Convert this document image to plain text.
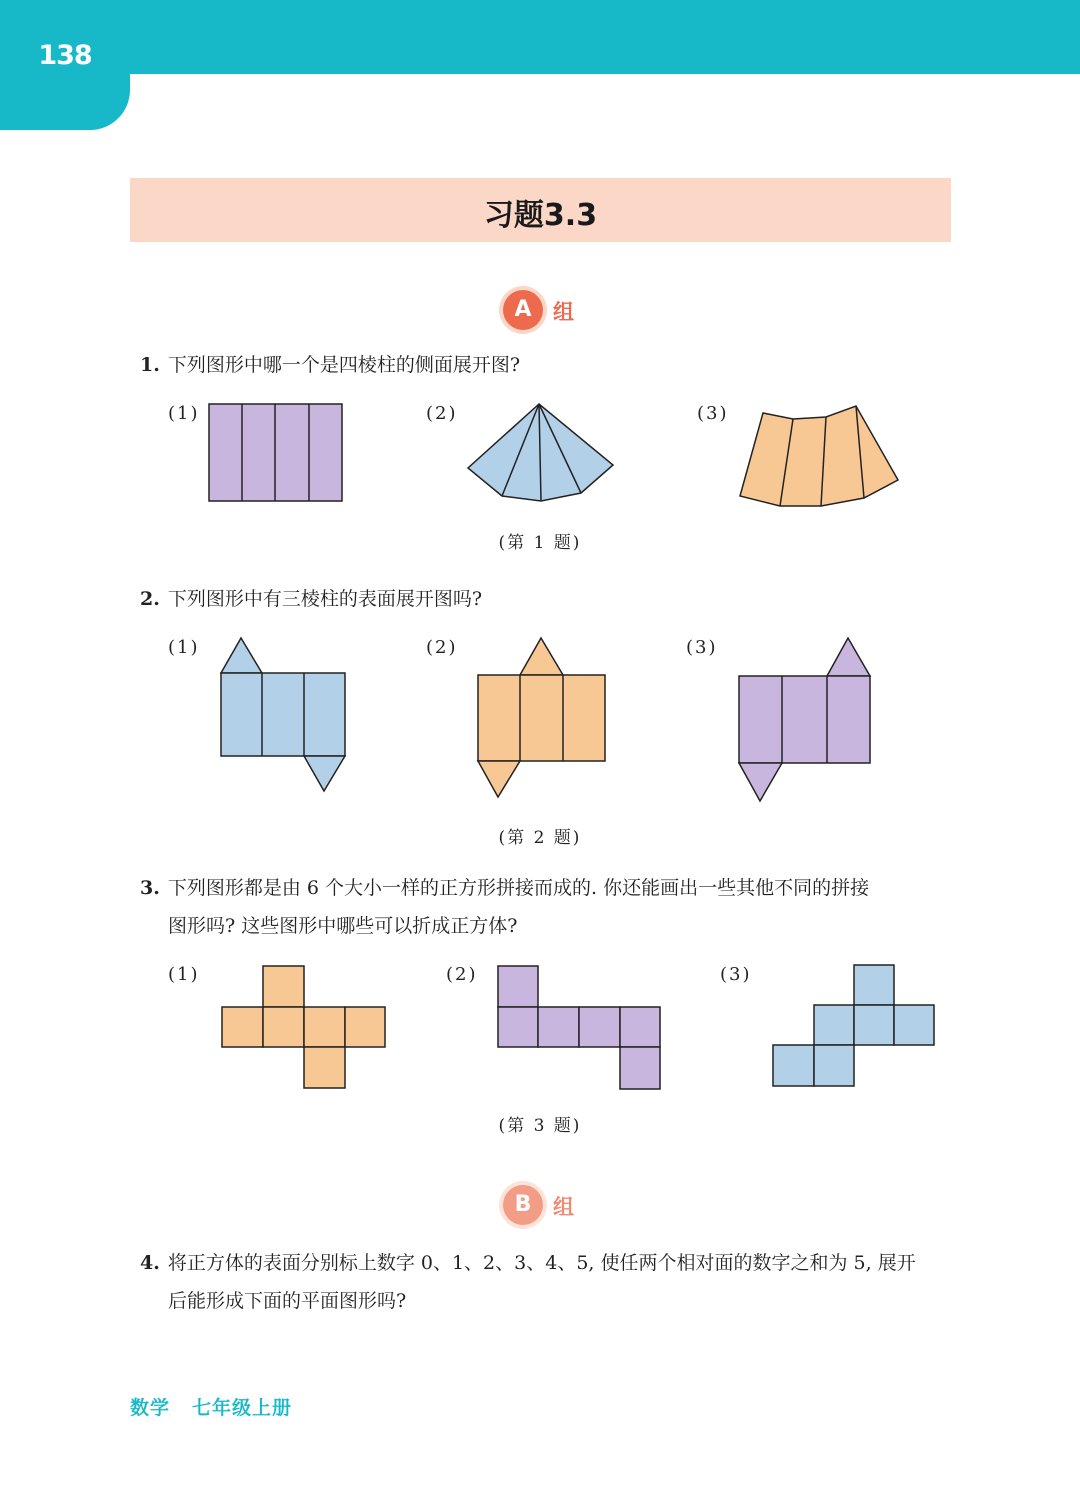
138
习题3.3
A	组
1. 下列图形中哪一个是四棱柱的侧面展开图?
(1)	(2)	(3)
(第 1 题)
2. 下列图形中有三棱柱的表面展开图吗?
(1)	(2)	(3)
(第 2 题)
3. 下列图形都是由 6 个大小一样的正方形拼接而成的. 你还能画出一些其他不同的拼接
图形吗? 这些图形中哪些可以折成正方体?
(1)	(2)	(3)
(第 3 题)
B	组
4. 将正方体的表面分别标上数字 0、1、2、3、4、5, 使任两个相对面的数字之和为 5, 展开
后能形成下面的平面图形吗?
数学 七年级上册
